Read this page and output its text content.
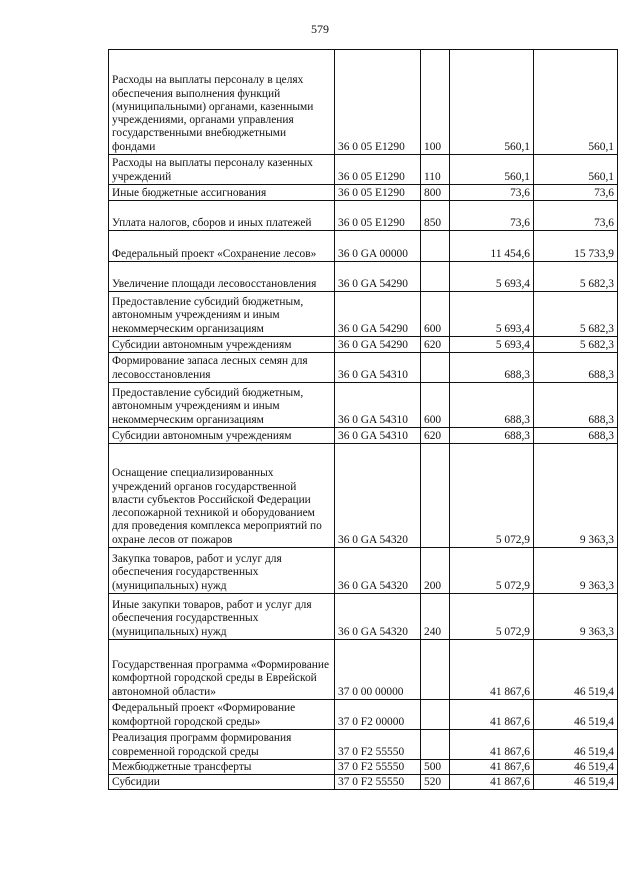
579
Расходы на выплаты персоналу в целях обеспечения выполнения функций (муниципальными) органами, казенными учреждениями, органами управления государственными внебюджетными фондами	36 0 05 E1290	100	560,1	560,1
Расходы на выплаты персоналу казенных учреждений	36 0 05 E1290	110	560,1	560,1
Иные бюджетные ассигнования	36 0 05 E1290	800	73,6	73,6
Уплата налогов, сборов и иных платежей	36 0 05 E1290	850	73,6	73,6
Федеральный проект «Сохранение лесов»	36 0 GA 00000		11 454,6	15 733,9
Увеличение площади лесовосстановления	36 0 GA 54290		5 693,4	5 682,3
Предоставление субсидий бюджетным, автономным учреждениям и иным некоммерческим организациям	36 0 GA 54290	600	5 693,4	5 682,3
Субсидии автономным учреждениям	36 0 GA 54290	620	5 693,4	5 682,3
Формирование запаса лесных семян для лесовосстановления	36 0 GA 54310		688,3	688,3
Предоставление субсидий бюджетным, автономным учреждениям и иным некоммерческим организациям	36 0 GA 54310	600	688,3	688,3
Субсидии автономным учреждениям	36 0 GA 54310	620	688,3	688,3
Оснащение специализированных учреждений органов государственной власти субъектов Российской Федерации лесопожарной техникой и оборудованием для проведения комплекса мероприятий по охране лесов от пожаров	36 0 GA 54320		5 072,9	9 363,3
Закупка товаров, работ и услуг для обеспечения государственных (муниципальных) нужд	36 0 GA 54320	200	5 072,9	9 363,3
Иные закупки товаров, работ и услуг для обеспечения государственных (муниципальных) нужд	36 0 GA 54320	240	5 072,9	9 363,3
Государственная программа «Формирование комфортной городской среды в Еврейской автономной области»	37 0 00 00000		41 867,6	46 519,4
Федеральный проект «Формирование комфортной городской среды»	37 0 F2 00000		41 867,6	46 519,4
Реализация программ формирования современной городской среды	37 0 F2 55550		41 867,6	46 519,4
Межбюджетные трансферты	37 0 F2 55550	500	41 867,6	46 519,4
Субсидии	37 0 F2 55550	520	41 867,6	46 519,4
